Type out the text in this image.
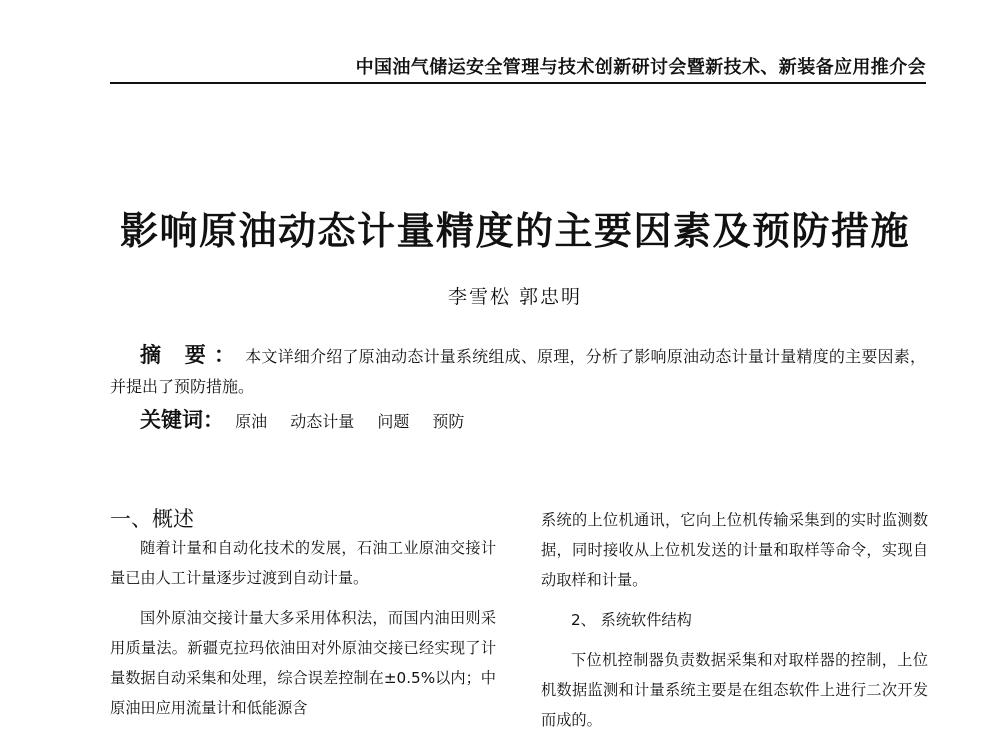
中国油气储运安全管理与技术创新研讨会暨新技术、新装备应用推介会
影响原油动态计量精度的主要因素及预防措施
李雪松 郭忠明
摘 要： 本文详细介绍了原油动态计量系统组成、原理，分析了影响原油动态计量计量精度的主要因素，并提出了预防措施。
关键词： 原油 动态计量 问题 预防
一、概述

随着计量和自动化技术的发展，石油工业原油交接计量已由人工计量逐步过渡到自动计量。

国外原油交接计量大多采用体积法，而国内油田则采用质量法。新疆克拉玛依油田对外原油交接已经实现了计量数据自动采集和处理，综合误差控制在±0.5%以内；中原油田应用流量计和低能源含

系统的上位机通讯，它向上位机传输采集到的实时监测数据，同时接收从上位机发送的计量和取样等命令，实现自动取样和计量。

2、 系统软件结构

下位机控制器负责数据采集和对取样器的控制，上位机数据监测和计量系统主要是在组态软件上进行二次开发而成的。
